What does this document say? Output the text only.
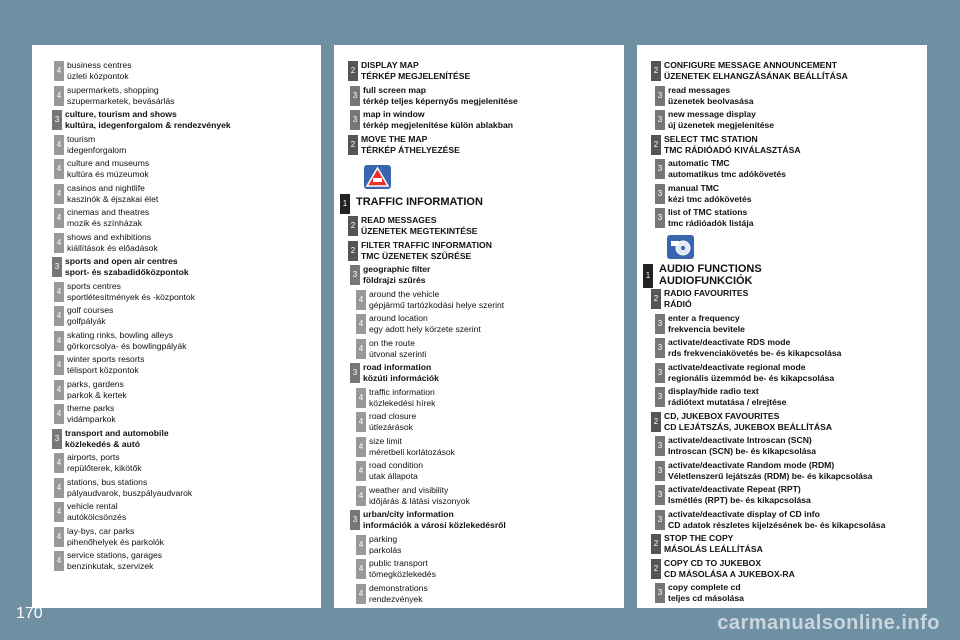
4
business centres
üzleti központok
4
supermarkets, shopping
szupermarketek, bevásárlás
3
culture, tourism and shows
kultúra, idegenforgalom & rendezvények
4
tourism
idegenforgalom
4
culture and museums
kultúra és múzeumok
4
casinos and nightlife
kaszinók & éjszakai élet
4
cinemas and theatres
mozik és színházak
4
shows and exhibitions
kiállítások és előadások
3
sports and open air centres
sport- és szabadidőközpontok
4
sports centres
sportlétesítmények és -központok
4
golf courses
golfpályák
4
skating rinks, bowling alleys
görkorcsolya- és bowlingpályák
4
winter sports resorts
télisport központok
4
parks, gardens
parkok & kertek
4
theme parks
vidámparkok
3
transport and automobile
közlekedés & autó
4
airports, ports
repülőterek, kikötők
4
stations, bus stations
pályaudvarok, buszpályaudvarok
4
vehicle rental
autókölcsönzés
4
lay-bys, car parks
pihenőhelyek és parkolók
4
service stations, garages
benzinkutak, szervizek
2
DISPLAY MAP
TÉRKÉP MEGJELENÍTÉSE
3
full screen map
térkép teljes képernyős megjelenítése
3
map in window
térkép megjelenítése külön ablakban
2
MOVE THE MAP
TÉRKÉP ÁTHELYEZÉSE
1 TRAFFIC INFORMATION
2
READ MESSAGES
ÜZENETEK MEGTEKINTÉSE
2
FILTER TRAFFIC INFORMATION
TMC ÜZENETEK SZŰRÉSE
3
geographic filter
földrajzi szűrés
4
around the vehicle
gépjármű tartózkodási helye szerint
4
around location
egy adott hely körzete szerint
4
on the route
útvonal szerinti
3
road information
közúti információk
4
traffic information
közlekedési hírek
4
road closure
útlezárások
4
size limit
méretbeli korlátozások
4
road condition
utak állapota
4
weather and visibility
időjárás & látási viszonyok
3
urban/city information
információk a városi közlekedésről
4
parking
parkolás
4
public transport
tömegközlekedés
4
demonstrations
rendezvények
2
CONFIGURE MESSAGE ANNOUNCEMENT
ÜZENETEK ELHANGZÁSÁNAK BEÁLLÍTÁSA
3
read messages
üzenetek beolvasása
3
new message display
új üzenetek megjelenítése
2
SELECT TMC STATION
TMC RÁDIÓADÓ KIVÁLASZTÁSA
3
automatic TMC
automatikus tmc adókövetés
3
manual TMC
kézi tmc adókövetés
3
list of TMC stations
tmc rádióadók listája
1
AUDIO FUNCTIONS
AUDIOFUNKCIÓK
2
RADIO FAVOURITES
RÁDIÓ
3
enter a frequency
frekvencia bevitele
3
activate/deactivate RDS mode
rds frekvenciakövetés be- és kikapcsolása
3
activate/deactivate regional mode
regionális üzemmód be- és kikapcsolása
3
display/hide radio text
rádiótext mutatása / elrejtése
2
CD, JUKEBOX FAVOURITES
CD LEJÁTSZÁS, JUKEBOX BEÁLLÍTÁSA
3
activate/deactivate Introscan (SCN)
Introscan (SCN) be- és kikapcsolása
3
activate/deactivate Random mode (RDM)
Véletlenszerű lejátszás (RDM) be- és kikapcsolása
3
activate/deactivate Repeat (RPT)
Ismétlés (RPT) be- és kikapcsolása
3
activate/deactivate display of CD info
CD adatok részletes kijelzésének be- és kikapcsolása
2
STOP THE COPY
MÁSOLÁS LEÁLLÍTÁSA
2
COPY CD TO JUKEBOX
CD MÁSOLÁSA A JUKEBOX-RA
3
copy complete cd
teljes cd másolása
170	carmanualsonline.info
